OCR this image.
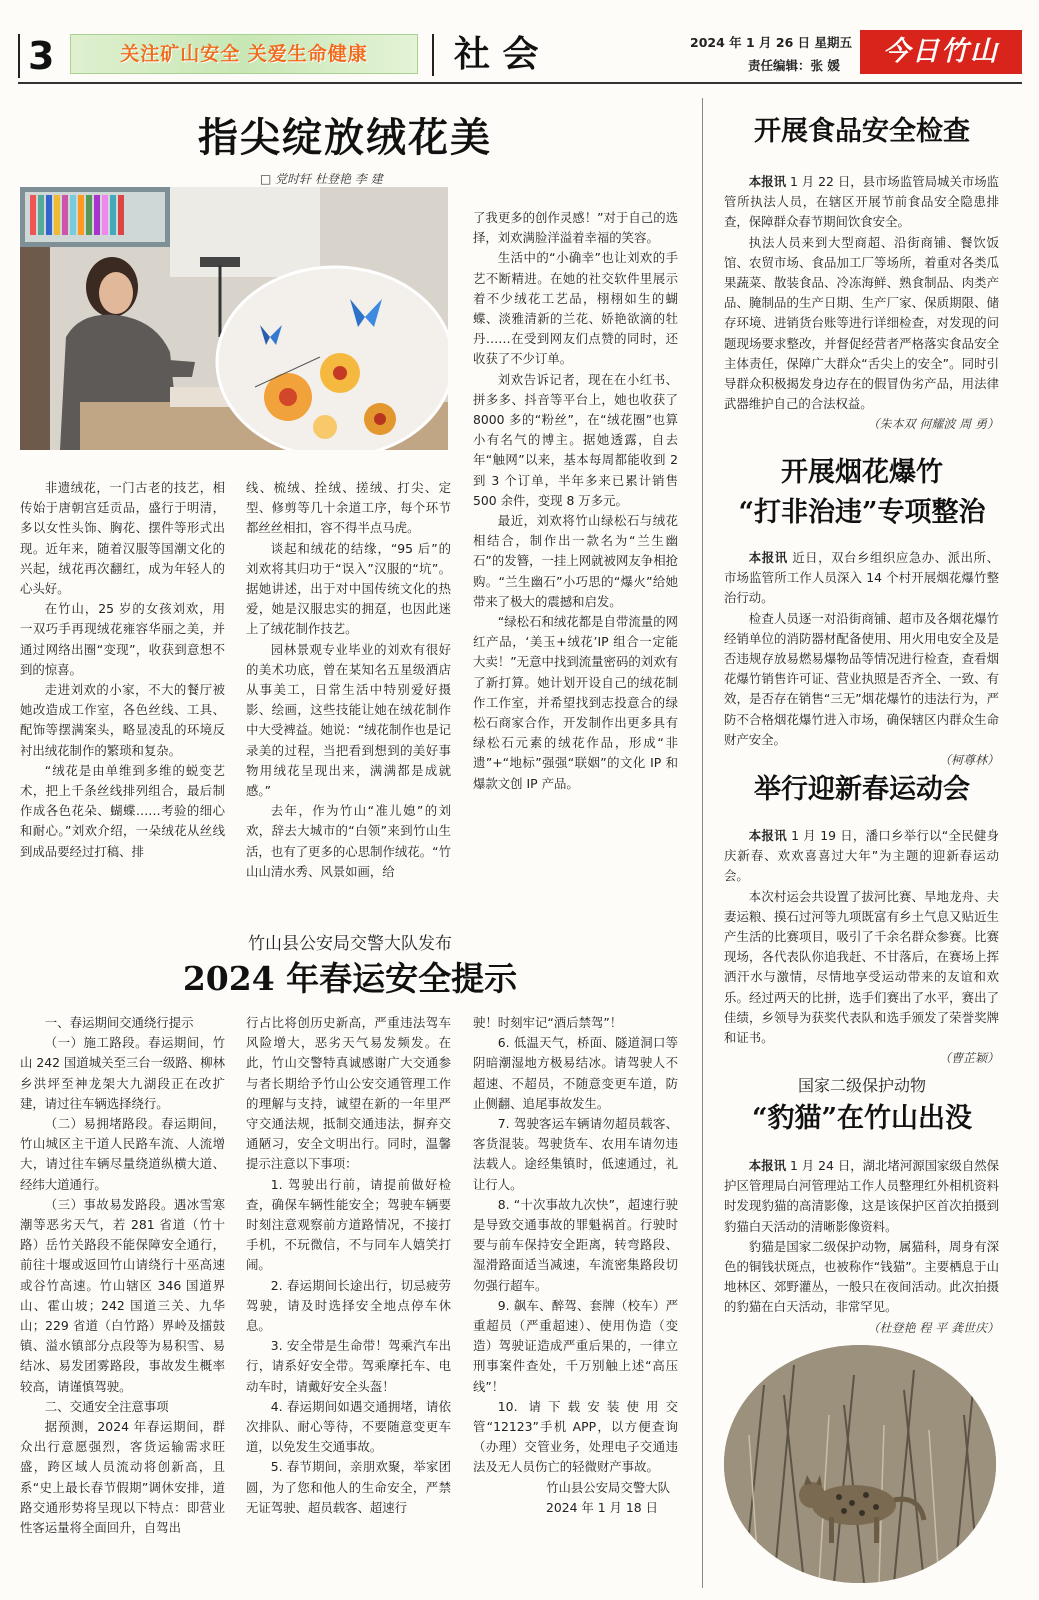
3	关注矿山安全 关爱生命健康	社 会	2024 年 1 月 26 日 星期五
责任编辑：张 媛	今日竹山
指尖绽放绒花美
□ 党时轩 杜登艳 李 建

非遗绒花，一门古老的技艺，相传始于唐朝宫廷贡品，盛行于明清，多以女性头饰、胸花、摆件等形式出现。近年来，随着汉服等国潮文化的兴起，绒花再次翻红，成为年轻人的心头好。

在竹山，25 岁的女孩刘欢，用一双巧手再现绒花雍容华丽之美，并通过网络出圈“变现”，收获到意想不到的惊喜。

走进刘欢的小家，不大的餐厅被她改造成工作室，各色丝线、工具、配饰等摆满案头，略显凌乱的环境反衬出绒花制作的繁琐和复杂。

“绒花是由单维到多维的蜕变艺术，把上千条丝线排列组合，最后制作成各色花朵、蝴蝶……考验的细心和耐心。”刘欢介绍，一朵绒花从丝线到成品要经过打稿、排

线、梳绒、拴绒、搓绒、打尖、定型、修剪等几十余道工序，每个环节都丝丝相扣，容不得半点马虎。

谈起和绒花的结缘，“95 后”的刘欢将其归功于“误入”汉服的“坑”。据她讲述，出于对中国传统文化的热爱，她是汉服忠实的拥趸，也因此迷上了绒花制作技艺。

园林景观专业毕业的刘欢有很好的美术功底，曾在某知名五星级酒店从事美工，日常生活中特别爱好摄影、绘画，这些技能让她在绒花制作中大受裨益。她说：“绒花制作也是记录美的过程，当把看到想到的美好事物用绒花呈现出来，满满都是成就感。”

去年，作为竹山“准儿媳”的刘欢，辞去大城市的“白领”来到竹山生活，也有了更多的心思制作绒花。“竹山山清水秀、风景如画，给

了我更多的创作灵感！”对于自己的选择，刘欢满脸洋溢着幸福的笑容。

生活中的“小确幸”也让刘欢的手艺不断精进。在她的社交软件里展示着不少绒花工艺品，栩栩如生的蝴蝶、淡雅清新的兰花、娇艳欲滴的牡丹……在受到网友们点赞的同时，还收获了不少订单。

刘欢告诉记者，现在在小红书、拼多多、抖音等平台上，她也收获了 8000 多的“粉丝”，在“绒花圈”也算小有名气的博主。据她透露，自去年“触网”以来，基本每周都能收到 2 到 3 个订单，半年多来已累计销售 500 余件，变现 8 万多元。

最近，刘欢将竹山绿松石与绒花相结合，制作出一款名为“兰生幽石”的发簪，一挂上网就被网友争相抢购。“兰生幽石”小巧思的“爆火”给她带来了极大的震撼和启发。

“绿松石和绒花都是自带流量的网红产品，‘美玉+绒花’IP 组合一定能大卖！”无意中找到流量密码的刘欢有了新打算。她计划开设自己的绒花制作工作室，并希望找到志投意合的绿松石商家合作，开发制作出更多具有绿松石元素的绒花作品，形成“非遗”+“地标”强强“联姻”的文化 IP 和爆款文创 IP 产品。

竹山县公安局交警大队发布
2024 年春运安全提示

一、春运期间交通绕行提示

（一）施工路段。春运期间，竹山 242 国道城关至三台一级路、柳林乡洪坪至神龙架大九湖段正在改扩建，请过往车辆选择绕行。

（二）易拥堵路段。春运期间，竹山城区主干道人民路车流、人流增大，请过往车辆尽量绕道纵横大道、经纬大道通行。

（三）事故易发路段。遇冰雪寒潮等恶劣天气，若 281 省道（竹十路）岳竹关路段不能保障安全通行，前往十堰或返回竹山请绕行十巫高速或谷竹高速。竹山辖区 346 国道界山、霍山坡；242 国道三关、九华山；229 省道（白竹路）界岭及擂鼓镇、溢水镇部分点段等为易积雪、易结冰、易发团雾路段，事故发生概率较高，请谨慎驾驶。

二、交通安全注意事项

据预测，2024 年春运期间，群众出行意愿强烈，客货运输需求旺盛，跨区域人员流动将创新高，且系“史上最长春节假期”调休安排，道路交通形势将呈现以下特点：即营业性客运量将全面回升，自驾出

行占比将创历史新高，严重违法驾车风险增大，恶劣天气易发频发。在此，竹山交警特真诚感谢广大交通参与者长期给予竹山公安交通管理工作的理解与支持，诚望在新的一年里严守交通法规，抵制交通违法，摒弃交通陋习，安全文明出行。同时，温馨提示注意以下事项：

1. 驾驶出行前，请提前做好检查，确保车辆性能安全；驾驶车辆要时刻注意观察前方道路情况，不接打手机，不玩微信，不与同车人嬉笑打闹。

2. 春运期间长途出行，切忌疲劳驾驶，请及时选择安全地点停车休息。

3. 安全带是生命带！驾乘汽车出行，请系好安全带。驾乘摩托车、电动车时，请戴好安全头盔！

4. 春运期间如遇交通拥堵，请依次排队、耐心等待，不要随意变更车道，以免发生交通事故。

5. 春节期间，亲朋欢聚，举家团圆，为了您和他人的生命安全，严禁无证驾驶、超员载客、超速行

驶！时刻牢记“酒后禁驾”！

6. 低温天气，桥面、隧道洞口等阴暗潮湿地方极易结冰。请驾驶人不超速、不超员，不随意变更车道，防止侧翻、追尾事故发生。

7. 驾驶客运车辆请勿超员载客、客货混装。驾驶货车、农用车请勿违法载人。途经集镇时，低速通过，礼让行人。

8. “十次事故九次快”，超速行驶是导致交通事故的罪魁祸首。行驶时要与前车保持安全距离，转弯路段、湿滑路面适当减速，车流密集路段切勿强行超车。

9. 飙车、醉驾、套牌（校车）严重超员（严重超速）、使用伪造（变造）驾驶证造成严重后果的，一律立刑事案件查处，千万别触上述“高压线”！

10. 请下载安装使用交管“12123”手机 APP，以方便查询（办理）交管业务，处理电子交通违法及无人员伤亡的轻微财产事故。

竹山县公安局交警大队
2024 年 1 月 18 日
开展食品安全检查

本报讯 1 月 22 日，县市场监管局城关市场监管所执法人员，在辖区开展节前食品安全隐患排查，保障群众春节期间饮食安全。

执法人员来到大型商超、沿街商铺、餐饮饭馆、农贸市场、食品加工厂等场所，着重对各类瓜果蔬菜、散装食品、冷冻海鲜、熟食制品、肉类产品、腌制品的生产日期、生产厂家、保质期限、储存环境、进销货台账等进行详细检查，对发现的问题现场要求整改，并督促经营者严格落实食品安全主体责任，保障广大群众“舌尖上的安全”。同时引导群众积极揭发身边存在的假冒伪劣产品，用法律武器维护自己的合法权益。

（ 朱本双 何耀波 周 勇 ）
开展烟花爆竹
“打非治违”专项整治

本报讯 近日，双台乡组织应急办、派出所、市场监管所工作人员深入 14 个村开展烟花爆竹整治行动。

检查人员逐一对沿街商铺、超市及各烟花爆竹经销单位的消防器材配备使用、用火用电安全及是否违规存放易燃易爆物品等情况进行检查，查看烟花爆竹销售许可证、营业执照是否齐全、一致、有效，是否存在销售“三无”烟花爆竹的违法行为，严防不合格烟花爆竹进入市场，确保辖区内群众生命财产安全。

（ 柯尊林 ）
举行迎新春运动会

本报讯 1 月 19 日，潘口乡举行以“全民健身庆新春、欢欢喜喜过大年”为主题的迎新春运动会。

本次村运会共设置了拔河比赛、旱地龙舟、夫妻运粮、摸石过河等九项既富有乡土气息又贴近生产生活的比赛项目，吸引了千余名群众参赛。比赛现场，各代表队你追我赶、不甘落后，在赛场上挥洒汗水与激情，尽情地享受运动带来的友谊和欢乐。经过两天的比拼，选手们赛出了水平，赛出了佳绩，乡领导为获奖代表队和选手颁发了荣誉奖牌和证书。

（ 曹芷颖 ）
国家二级保护动物
“豹猫”在竹山出没

本报讯 1 月 24 日，湖北堵河源国家级自然保护区管理局白河管理站工作人员整理红外相机资料时发现豹猫的高清影像，这是该保护区首次拍摄到豹猫白天活动的清晰影像资料。

豹猫是国家二级保护动物，属猫科，周身有深色的铜钱状斑点，也被称作“钱猫”。主要栖息于山地林区、郊野灌丛，一般只在夜间活动。此次拍摄的豹猫在白天活动，非常罕见。

（ 杜登艳 程 平 龚世庆 ）
